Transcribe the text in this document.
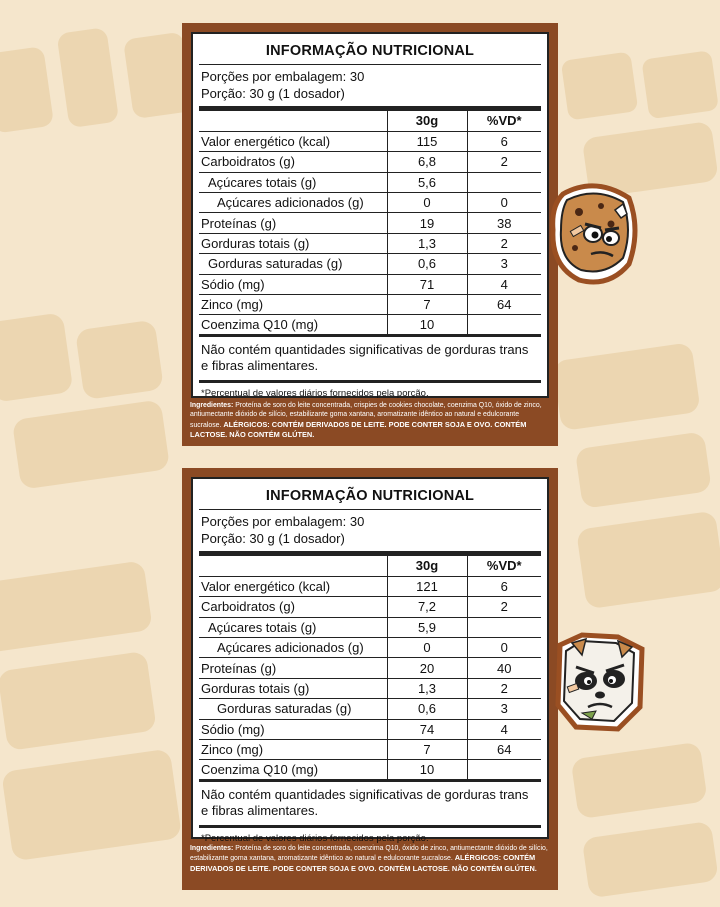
INFORMAÇÃO NUTRICIONAL
Porções por embalagem: 30
Porção: 30 g (1 dosador)
	30g	%VD*
Valor energético (kcal)	115	6
Carboidratos (g)	6,8	2
Açúcares totais (g)	5,6	
Açúcares adicionados (g)	0	0
Proteínas (g)	19	38
Gorduras totais (g)	1,3	2
Gorduras saturadas (g)	0,6	3
Sódio (mg)	71	4
Zinco (mg)	7	64
Coenzima Q10 (mg)	10	
Não contém quantidades significativas de gorduras trans e fibras alimentares.
*Percentual de valores diários fornecidos pela porção.
Ingredientes: Proteína de soro do leite concentrada, crispies de cookies chocolate, coenzima Q10, óxido de zinco, antiumectante dióxido de silício, estabilizante goma xantana, aromatizante idêntico ao natural e edulcorante sucralose. ALÉRGICOS: CONTÉM DERIVADOS DE LEITE. PODE CONTER SOJA E OVO. CONTÉM LACTOSE. NÃO CONTÉM GLÚTEN.
INFORMAÇÃO NUTRICIONAL
Porções por embalagem: 30
Porção: 30 g (1 dosador)
	30g	%VD*
Valor energético (kcal)	121	6
Carboidratos (g)	7,2	2
Açúcares totais (g)	5,9	
Açúcares adicionados (g)	0	0
Proteínas (g)	20	40
Gorduras totais (g)	1,3	2
Gorduras saturadas (g)	0,6	3
Sódio (mg)	74	4
Zinco (mg)	7	64
Coenzima Q10 (mg)	10	
Não contém quantidades significativas de gorduras trans e fibras alimentares.
*Percentual de valores diários fornecidos pela porção.
Ingredientes: Proteína de soro do leite concentrada, coenzima Q10, óxido de zinco, antiumectante dióxido de silício, estabilizante goma xantana, aromatizante idêntico ao natural e edulcorante sucralose. ALÉRGICOS: CONTÉM DERIVADOS DE LEITE. PODE CONTER SOJA E OVO. CONTÉM LACTOSE. NÃO CONTÉM GLÚTEN.
